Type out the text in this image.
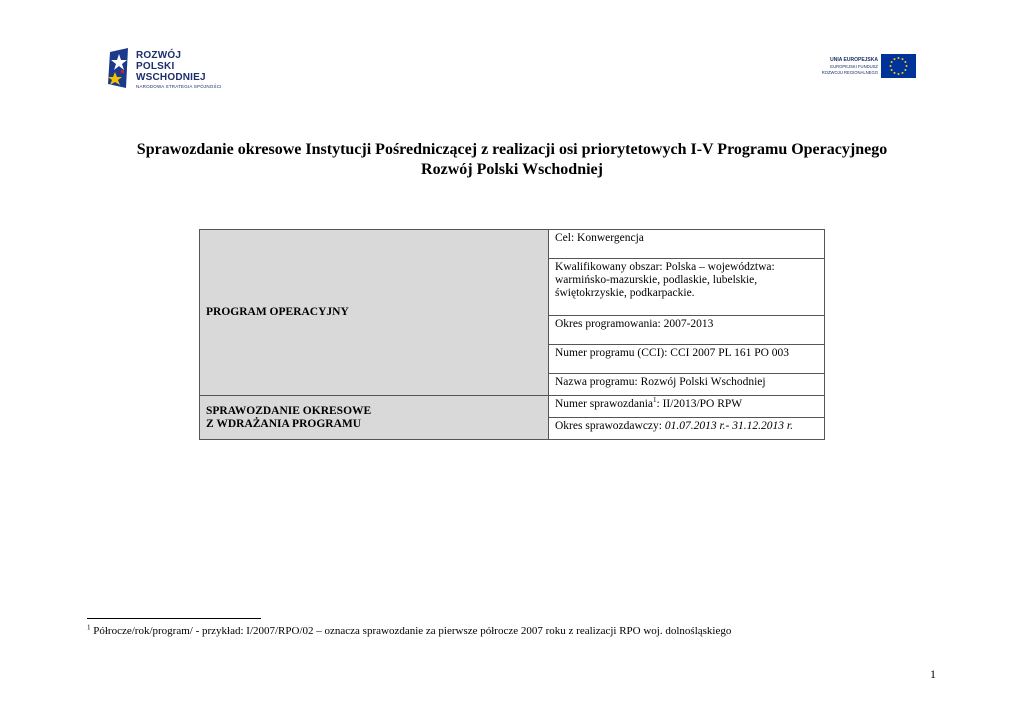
ROZWÓJ
POLSKI WSCHODNIEJ
NARODOWA STRATEGIA SPÓJNOŚCI
UNIA EUROPEJSKA
EUROPEJSKI FUNDUSZ
ROZWOJU REGIONALNEGO
Sprawozdanie okresowe Instytucji Pośredniczącej z realizacji osi priorytetowych I-V Programu Operacyjnego
Rozwój Polski Wschodniej
PROGRAM OPERACYJNY	Cel: Konwergencja
	Kwalifikowany obszar: Polska – województwa:
warmińsko-mazurskie, podlaskie, lubelskie,
świętokrzyskie, podkarpackie.
	Okres programowania: 2007-2013
	Numer programu (CCI): CCI 2007 PL 161 PO 003
	Nazwa programu: Rozwój Polski Wschodniej

SPRAWOZDANIE OKRESOWE
Z WDRAŻANIA PROGRAMU	Numer sprawozdania$^1$: II/2013/PO RPW
	Okres sprawozdawczy: 01.07.2013 r.- 31.12.2013 r.
$^1$ Półrocze/rok/program/ - przykład: I/2007/RPO/02 – oznacza sprawozdanie za pierwsze półrocze 2007 roku z realizacji RPO woj. dolnośląskiego
1
